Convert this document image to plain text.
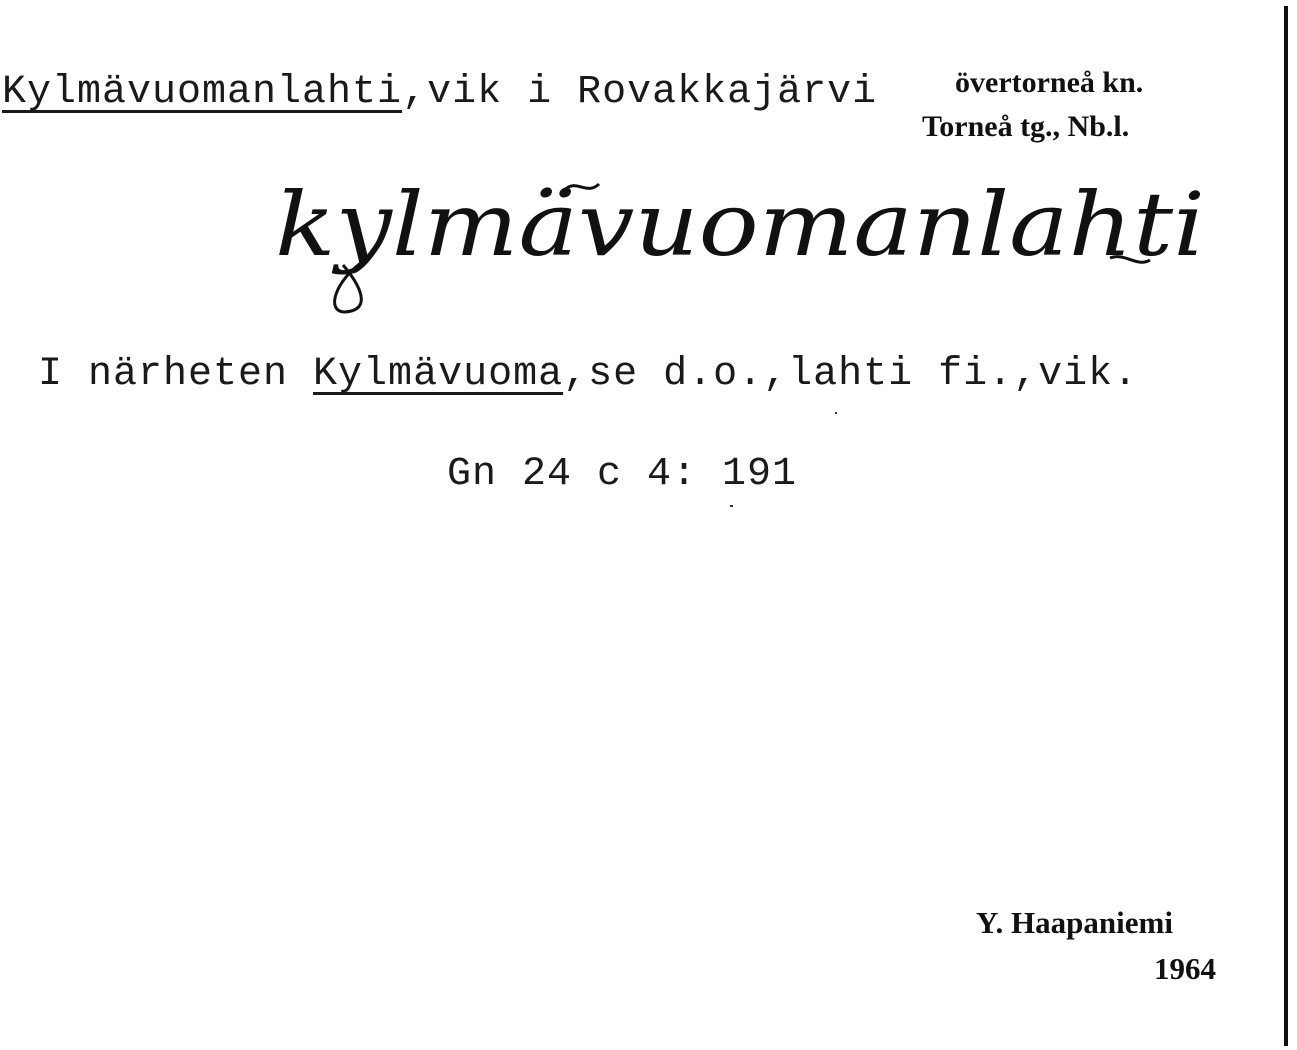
Kylmävuomanlahti,vik i Rovakkajärvi	övertorneå kn.
Torneå tg., Nb.l.
kylmävuomanlahti
I närheten Kylmävuoma,se d.o.,lahti fi.,vik.
Gn 24 c 4: 191
Y. Haapaniemi
1964
